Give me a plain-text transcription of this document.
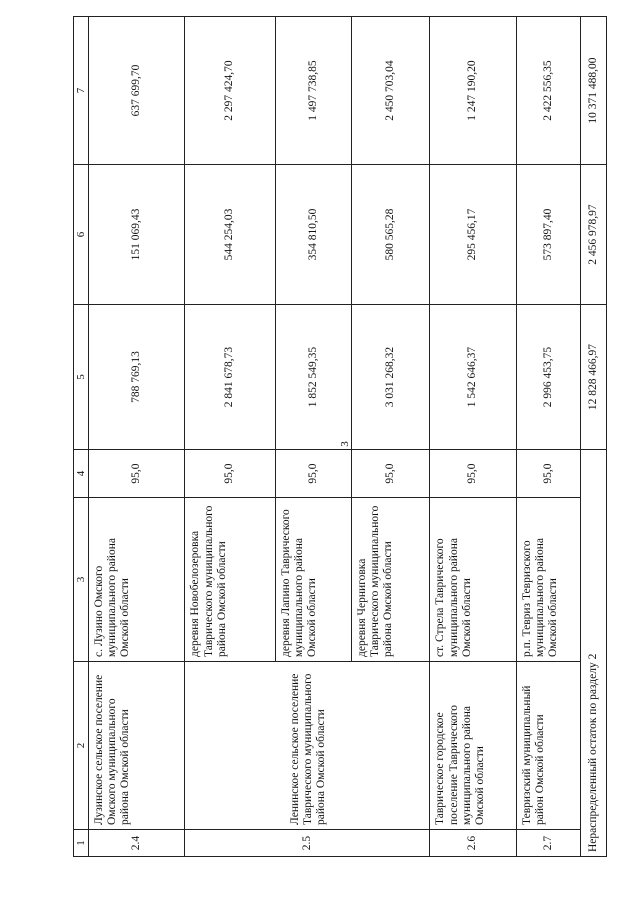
3
1	2	3	4	5	6	7
2.4	Лузинское сельское поселение Омского муниципального района Омской области	с. Лузино Омского муниципального района Омской области	95,0	788 769,13	151 069,43	637 699,70
2.5	Ленинское сельское поселение Таврического муниципального района Омской области	деревня Новобелозеровка Таврического муниципального района Омской области	95,0	2 841 678,73	544 254,03	2 297 424,70
		деревня Лапино Таврического муниципального района Омской области	95,0	1 852 549,35	354 810,50	1 497 738,85
		деревня Черниговка Таврического муниципального района Омской области	95,0	3 031 268,32	580 565,28	2 450 703,04
2.6	Таврическое городское поселение Таврического муниципального района Омской области	ст. Стрела Таврического муниципального района Омской области	95,0	1 542 646,37	295 456,17	1 247 190,20
2.7	Тевризский муниципальный район Омской области	р.п. Тевриз Тевризского муниципального района Омской области	95,0	2 996 453,75	573 897,40	2 422 556,35
Нераспределенный остаток по разделу 2				12 828 466,97	2 456 978,97	10 371 488,00
